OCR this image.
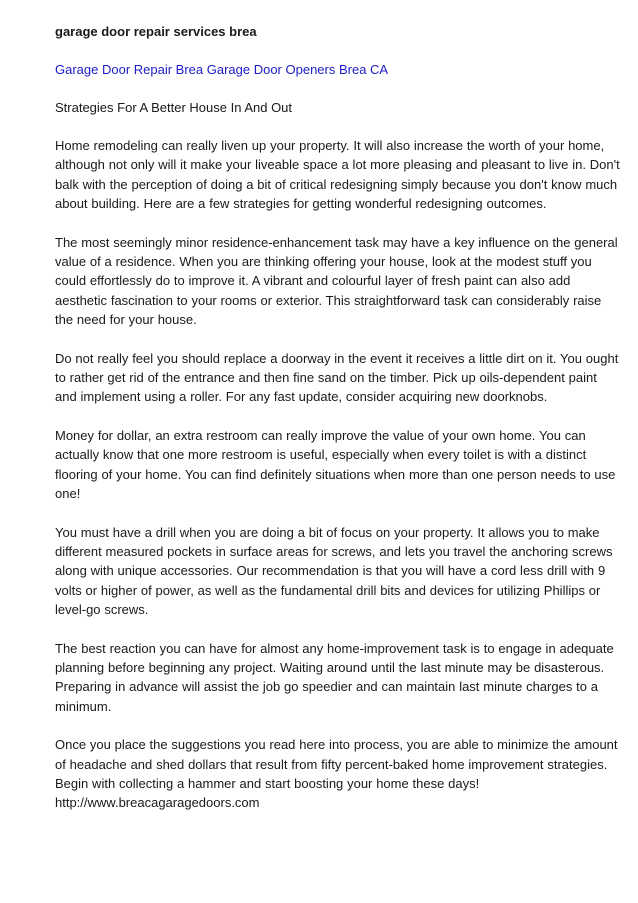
garage door repair services brea
Garage Door Repair Brea Garage Door Openers Brea CA

Strategies For A Better House In And Out

Home remodeling can really liven up your property. It will also increase the worth of your home,
although not only will it make your liveable space a lot more pleasing and pleasant to live in. Don't
balk with the perception of doing a bit of critical redesigning simply because you don't know much
about building. Here are a few strategies for getting wonderful redesigning outcomes.

The most seemingly minor residence-enhancement task may have a key influence on the general
value of a residence. When you are thinking offering your house, look at the modest stuff you
could effortlessly do to improve it. A vibrant and colourful layer of fresh paint can also add
aesthetic fascination to your rooms or exterior. This straightforward task can considerably raise
the need for your house.

Do not really feel you should replace a doorway in the event it receives a little dirt on it. You ought
to rather get rid of the entrance and then fine sand on the timber. Pick up oils-dependent paint
and implement using a roller. For any fast update, consider acquiring new doorknobs.

Money for dollar, an extra restroom can really improve the value of your own home. You can
actually know that one more restroom is useful, especially when every toilet is with a distinct
flooring of your home. You can find definitely situations when more than one person needs to use
one!

You must have a drill when you are doing a bit of focus on your property. It allows you to make
different measured pockets in surface areas for screws, and lets you travel the anchoring screws
along with unique accessories. Our recommendation is that you will have a cord less drill with 9
volts or higher of power, as well as the fundamental drill bits and devices for utilizing Phillips or
level-go screws.

The best reaction you can have for almost any home-improvement task is to engage in adequate
planning before beginning any project. Waiting around until the last minute may be disasterous.
Preparing in advance will assist the job go speedier and can maintain last minute charges to a
minimum.

Once you place the suggestions you read here into process, you are able to minimize the amount
of headache and shed dollars that result from fifty percent-baked home improvement strategies.
Begin with collecting a hammer and start boosting your home these days!
http://www.breacagaragedoors.com
